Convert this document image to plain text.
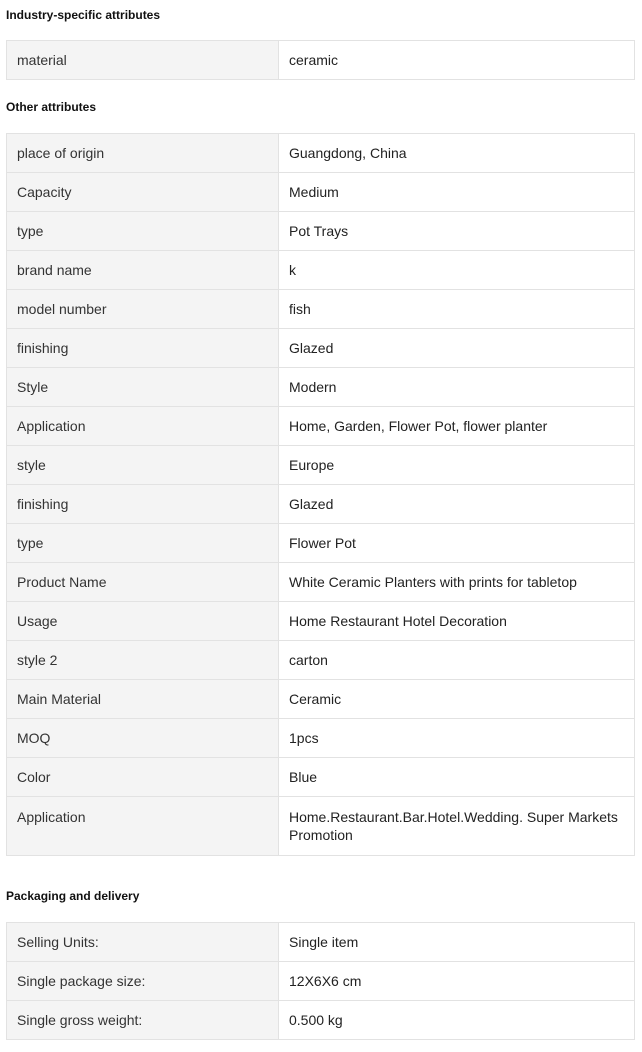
Industry-specific attributes
material	ceramic
Other attributes
place of origin	Guangdong, China
Capacity	Medium
type	Pot Trays
brand name	k
model number	fish
finishing	Glazed
Style	Modern
Application	Home, Garden, Flower Pot, flower planter
style	Europe
finishing	Glazed
type	Flower Pot
Product Name	White Ceramic Planters with prints for tabletop
Usage	Home Restaurant Hotel Decoration
style 2	carton
Main Material	Ceramic
MOQ	1pcs
Color	Blue
Application	Home.Restaurant.Bar.Hotel.Wedding. Super Markets Promotion
Packaging and delivery
Selling Units:	Single item
Single package size:	12X6X6 cm
Single gross weight:	0.500 kg
